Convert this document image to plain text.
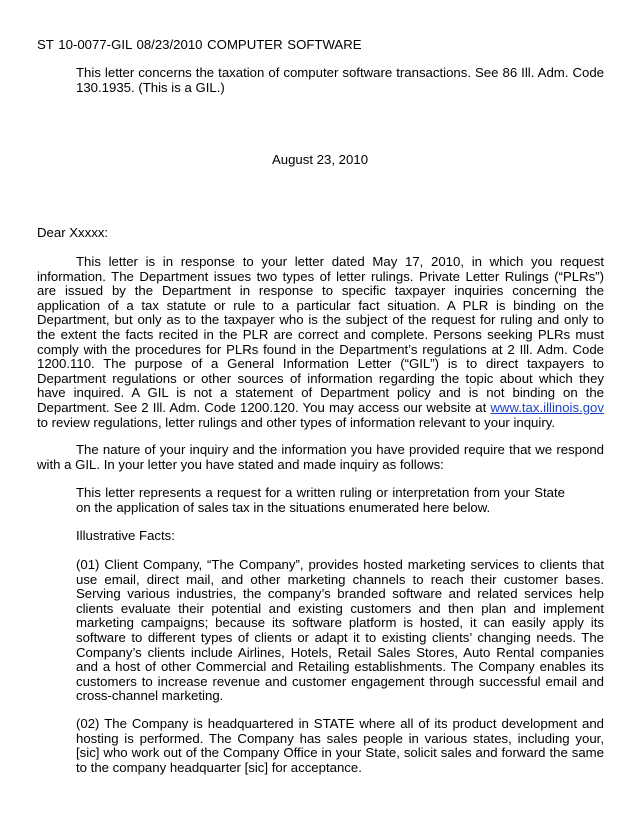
ST 10-0077-GIL 08/23/2010 COMPUTER SOFTWARE
This letter concerns the taxation of computer software transactions. See 86 Ill. Adm. Code 130.1935. (This is a GIL.)
August 23, 2010
Dear Xxxxx:
This letter is in response to your letter dated May 17, 2010, in which you request information. The Department issues two types of letter rulings. Private Letter Rulings (“PLRs”) are issued by the Department in response to specific taxpayer inquiries concerning the application of a tax statute or rule to a particular fact situation. A PLR is binding on the Department, but only as to the taxpayer who is the subject of the request for ruling and only to the extent the facts recited in the PLR are correct and complete. Persons seeking PLRs must comply with the procedures for PLRs found in the Department’s regulations at 2 Ill. Adm. Code 1200.110. The purpose of a General Information Letter (“GIL”) is to direct taxpayers to Department regulations or other sources of information regarding the topic about which they have inquired. A GIL is not a statement of Department policy and is not binding on the Department. See 2 Ill. Adm. Code 1200.120. You may access our website at www.tax.illinois.gov to review regulations, letter rulings and other types of information relevant to your inquiry.
The nature of your inquiry and the information you have provided require that we respond with a GIL. In your letter you have stated and made inquiry as follows:
This letter represents a request for a written ruling or interpretation from your State on the application of sales tax in the situations enumerated here below.
Illustrative Facts:
(01) Client Company, “The Company”, provides hosted marketing services to clients that use email, direct mail, and other marketing channels to reach their customer bases. Serving various industries, the company’s branded software and related services help clients evaluate their potential and existing customers and then plan and implement marketing campaigns; because its software platform is hosted, it can easily apply its software to different types of clients or adapt it to existing clients’ changing needs. The Company’s clients include Airlines, Hotels, Retail Sales Stores, Auto Rental companies and a host of other Commercial and Retailing establishments. The Company enables its customers to increase revenue and customer engagement through successful email and cross-channel marketing.
(02) The Company is headquartered in STATE where all of its product development and hosting is performed. The Company has sales people in various states, including your, [sic] who work out of the Company Office in your State, solicit sales and forward the same to the company headquarter [sic] for acceptance.
